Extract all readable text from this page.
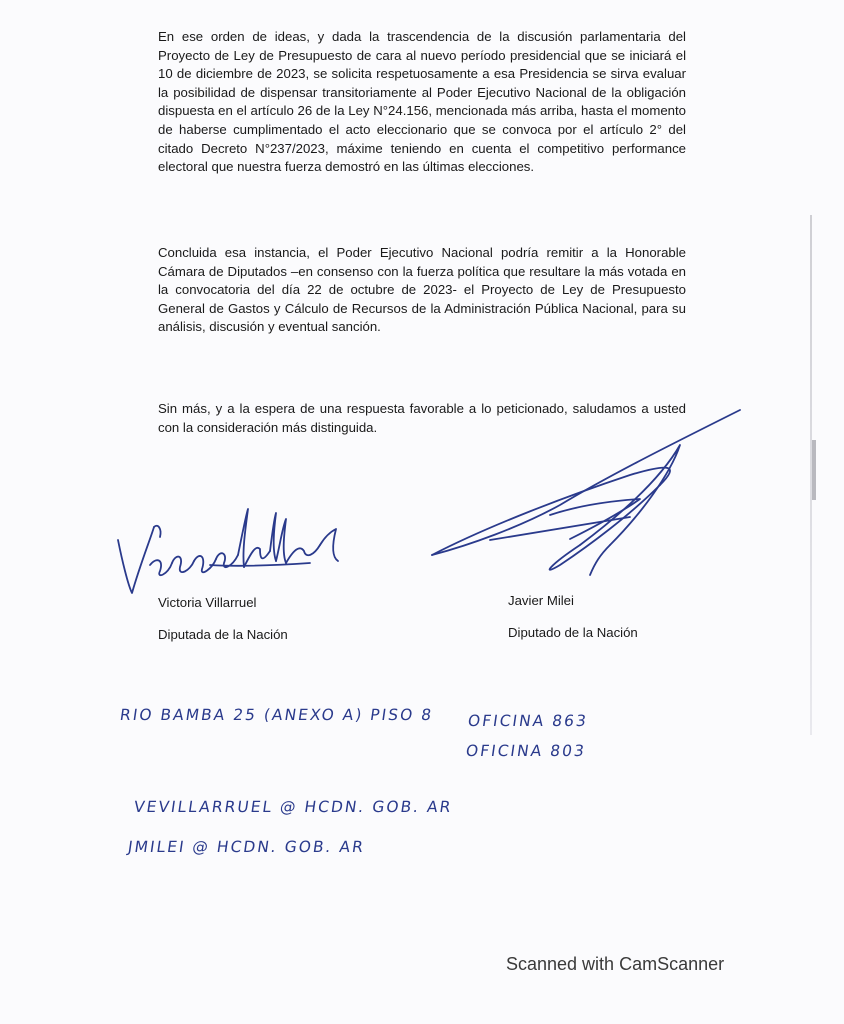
En ese orden de ideas, y dada la trascendencia de la discusión parlamentaria del Proyecto de Ley de Presupuesto de cara al nuevo período presidencial que se iniciará el 10 de diciembre de 2023, se solicita respetuosamente a esa Presidencia se sirva evaluar la posibilidad de dispensar transitoriamente al Poder Ejecutivo Nacional de la obligación dispuesta en el artículo 26 de la Ley N°24.156, mencionada más arriba, hasta el momento de haberse cumplimentado el acto eleccionario que se convoca por el artículo 2° del citado Decreto N°237/2023, máxime teniendo en cuenta el competitivo performance electoral que nuestra fuerza demostró en las últimas elecciones.

Concluida esa instancia, el Poder Ejecutivo Nacional podría remitir a la Honorable Cámara de Diputados –en consenso con la fuerza política que resultare la más votada en la convocatoria del día 22 de octubre de 2023- el Proyecto de Ley de Presupuesto General de Gastos y Cálculo de Recursos de la Administración Pública Nacional, para su análisis, discusión y eventual sanción.

Sin más, y a la espera de una respuesta favorable a lo peticionado, saludamos a usted con la consideración más distinguida.

Victoria Villarruel
Diputada de la Nación
Javier Milei
Diputado de la Nación
RIO BAMBA 25 (ANEXO A) PISO 8 OFICINA 863
OFICINA 803
VEVILLARRUEL @ HCDN. GOB. AR
JMILEI @ HCDN. GOB. AR
Scanned with CamScanner
